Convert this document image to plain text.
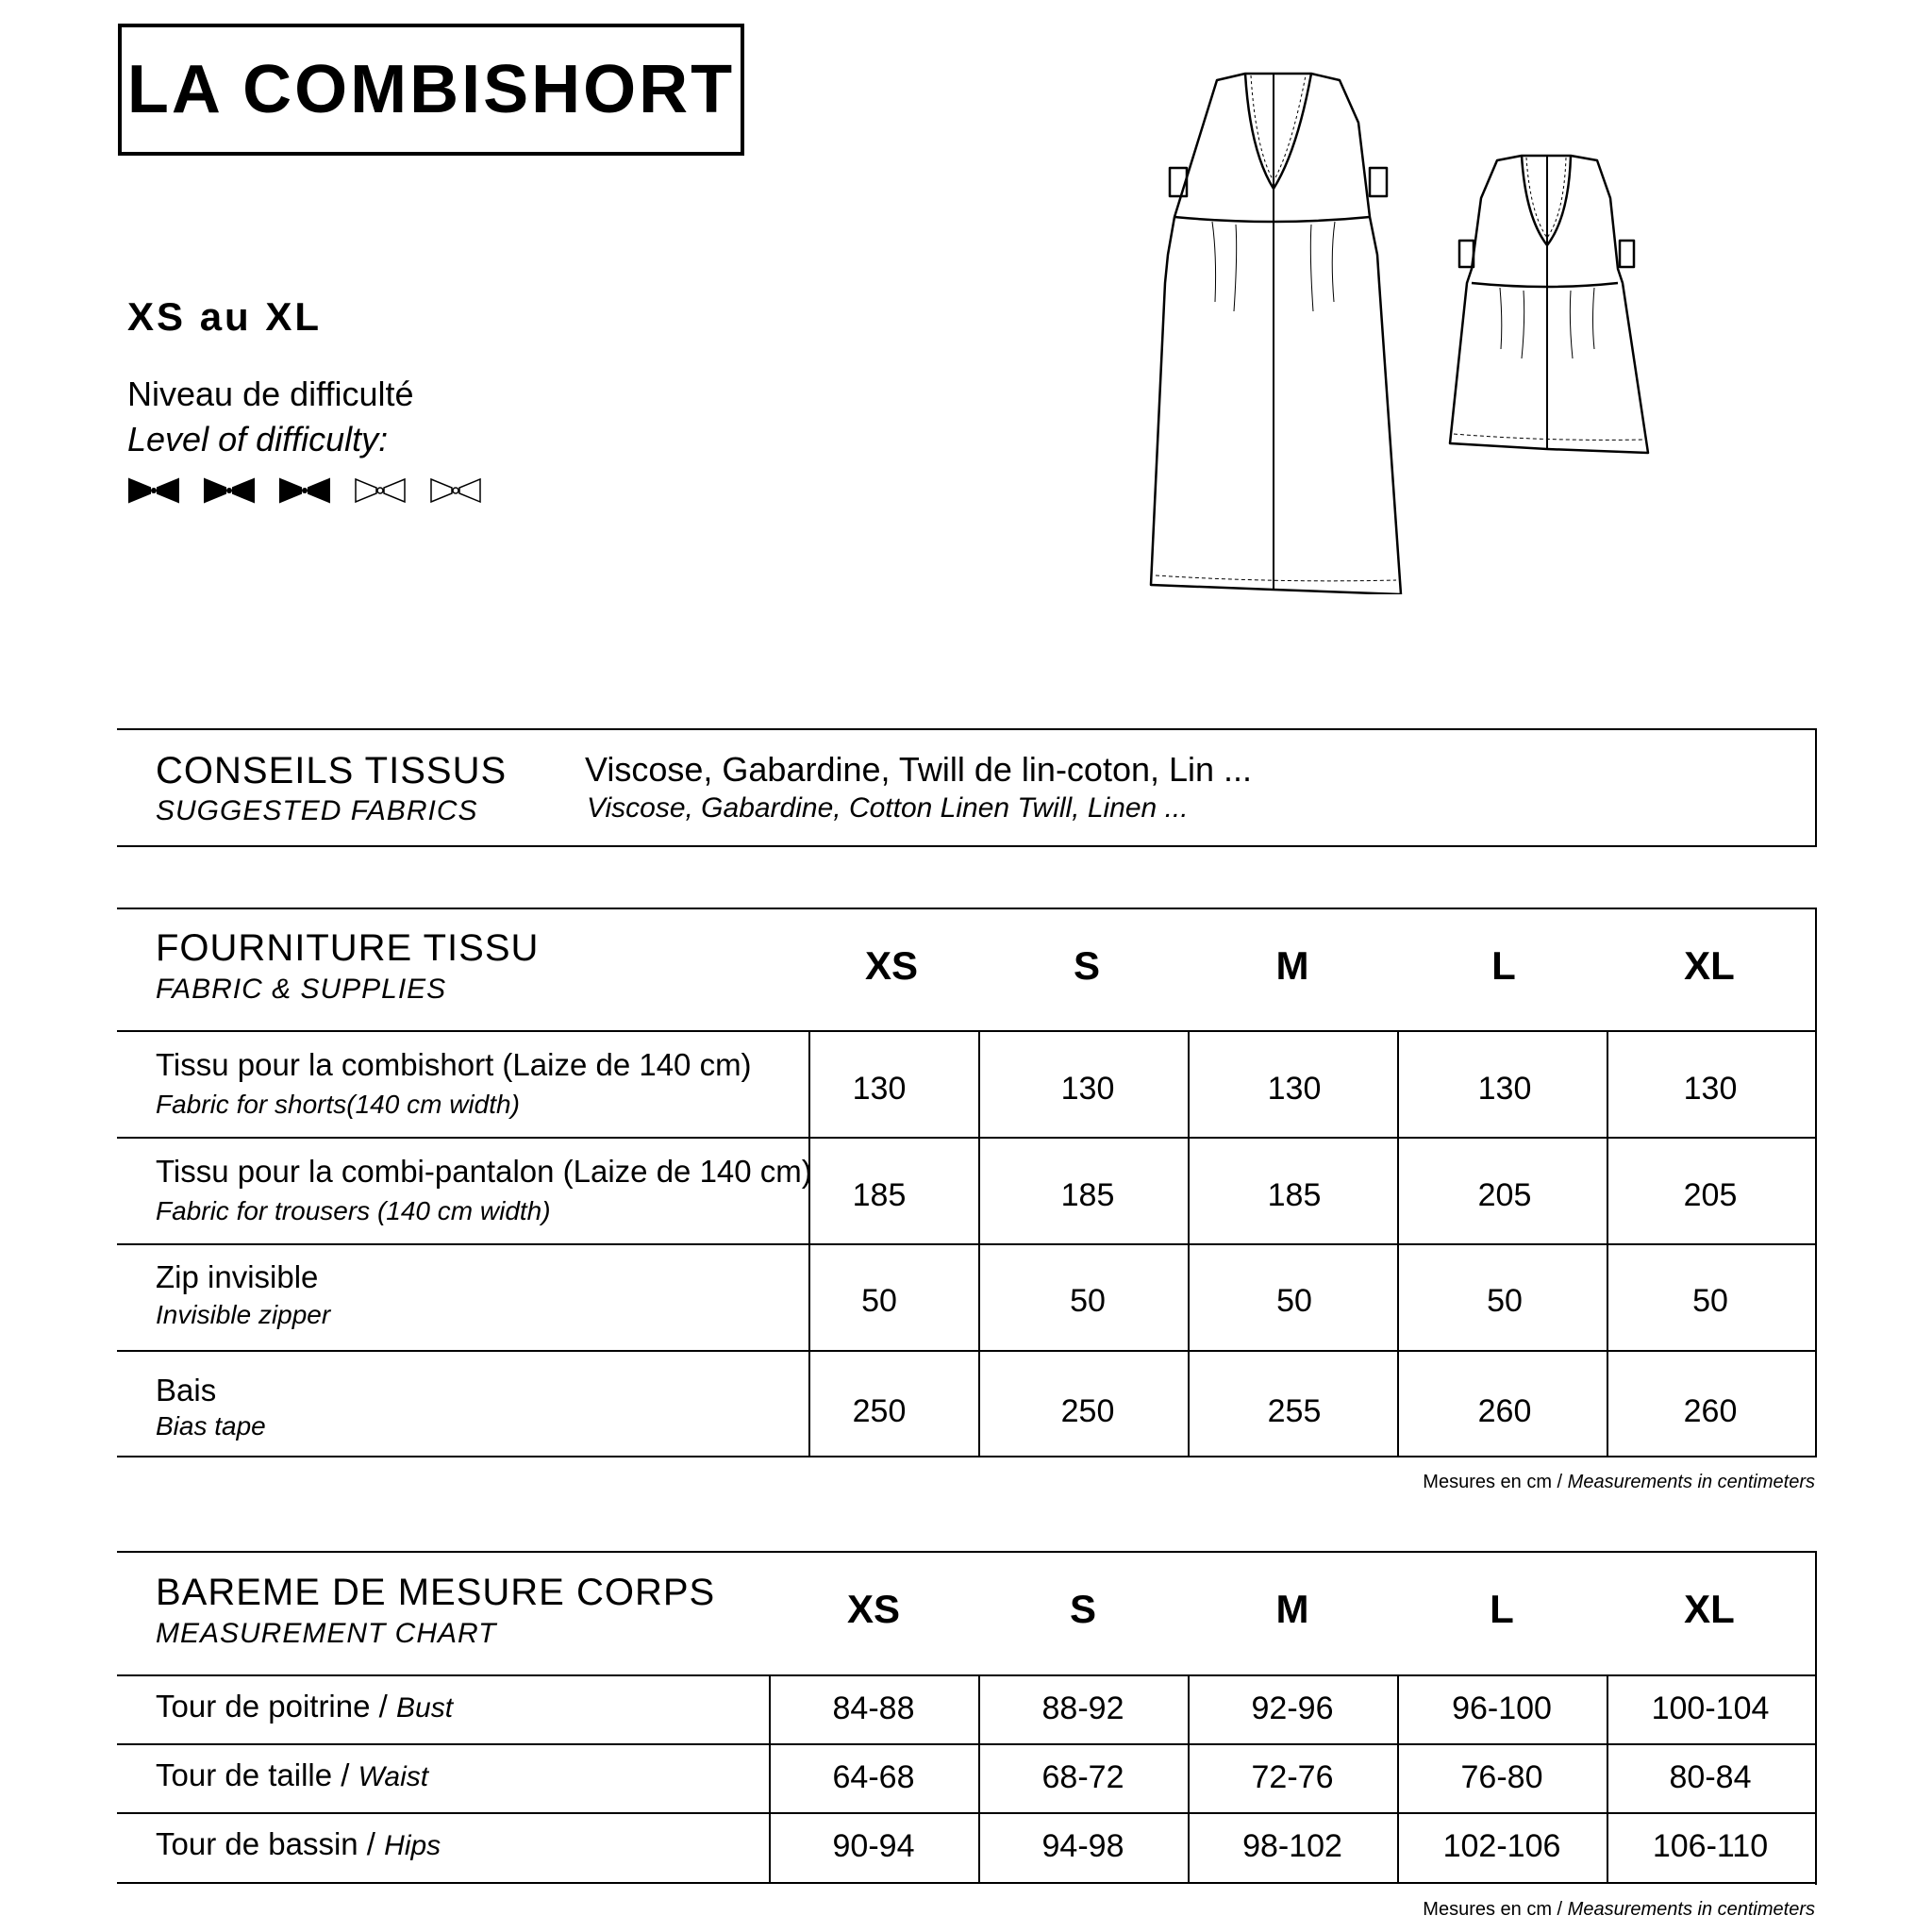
LA COMBISHORT
XS au XL
Niveau de difficulté
Level of difficulty:
CONSEILS TISSUS
SUGGESTED FABRICS
Viscose, Gabardine, Twill de lin-coton, Lin ...
Viscose, Gabardine, Cotton Linen Twill, Linen ...
FOURNITURE TISSU
FABRIC & SUPPLIES
XS	S	M	L	XL
Tissu pour la combishort (Laize de 140 cm)
Fabric for shorts(140 cm width)	130	130	130	130	130
Tissu pour la combi-pantalon (Laize de 140 cm)
Fabric for trousers (140 cm width)	185	185	185	205	205
Zip invisible
Invisible zipper	50	50	50	50	50
Bais
Bias tape	250	250	255	260	260
Mesures en cm / Measurements in centimeters
BAREME DE MESURE CORPS
MEASUREMENT CHART
XS	S	M	L	XL
Tour de poitrine / Bust	84-88	88-92	92-96	96-100	100-104
Tour de taille / Waist	64-68	68-72	72-76	76-80	80-84
Tour de bassin / Hips	90-94	94-98	98-102	102-106	106-110
Mesures en cm / Measurements in centimeters
